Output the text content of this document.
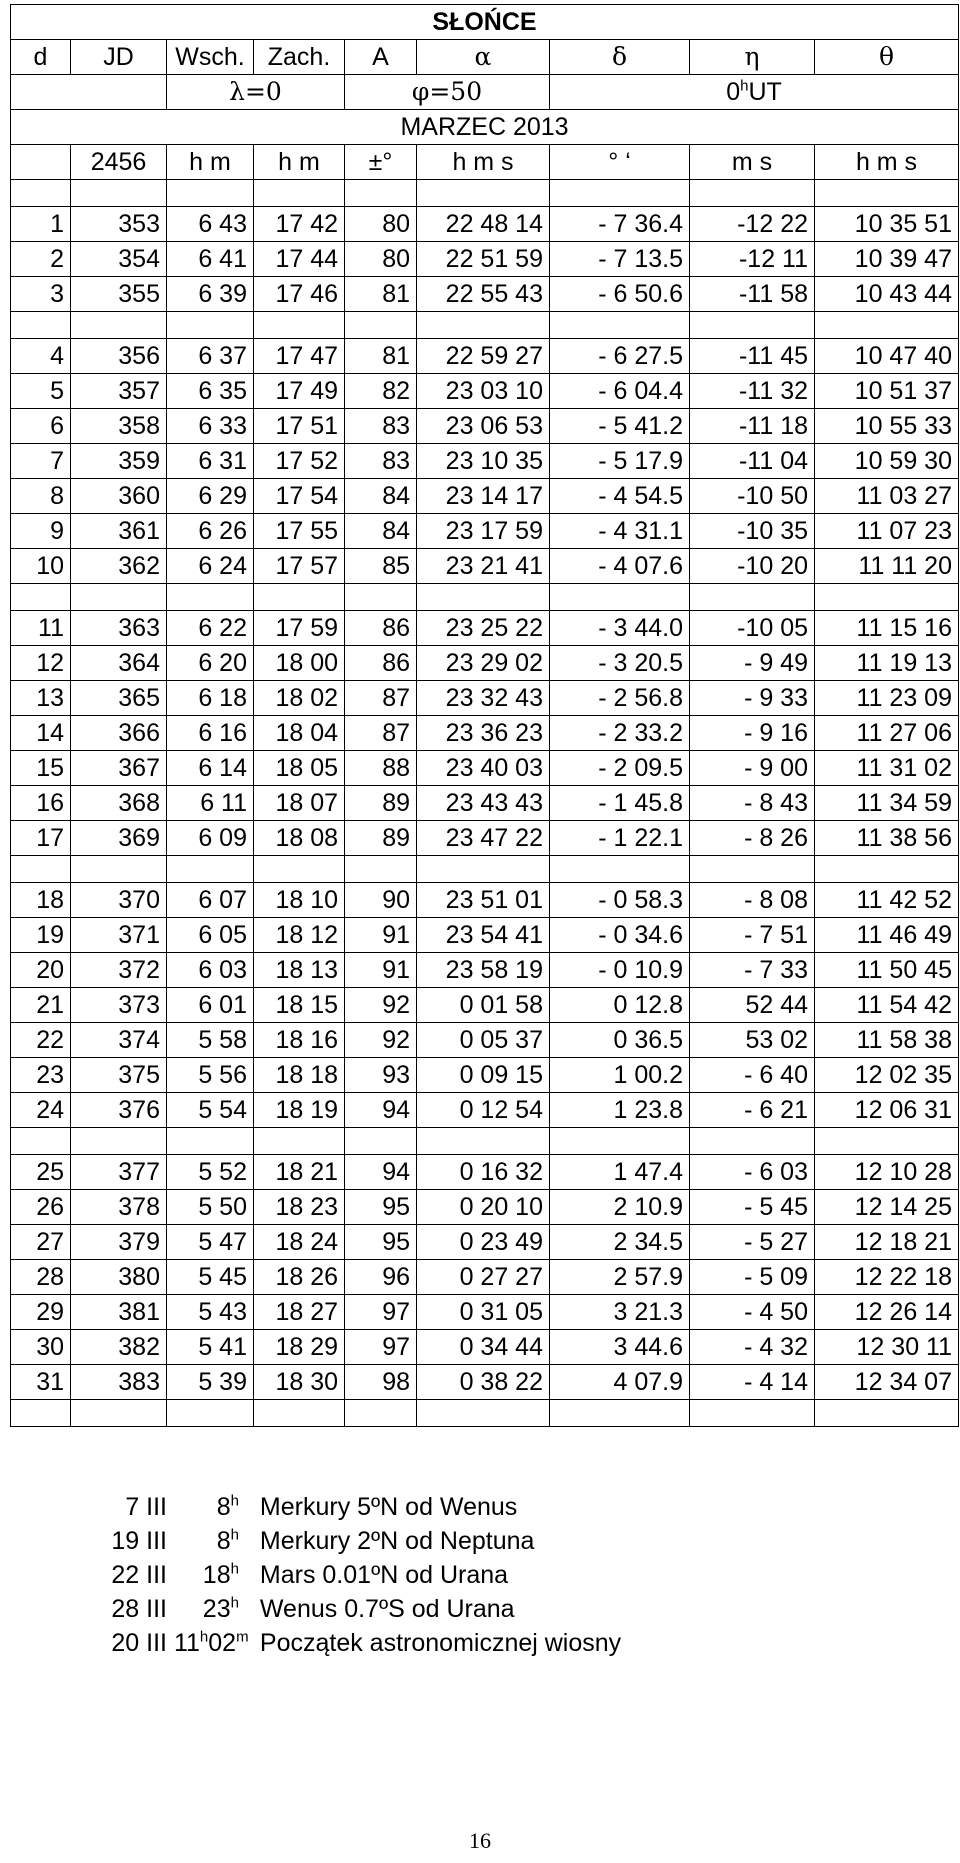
SŁOŃCE								
d	JD	Wsch.	Zach.	A	α	δ	η	θ
		λ=0		φ=50		0$^h$UT		
MARZEC 2013								
	2456	h m	h m	±°	h m s	° ‘	m s	h m s

1	353	6 43	17 42	80	22 48 14	- 7 36.4	-12 22	10 35 51
2	354	6 41	17 44	80	22 51 59	- 7 13.5	-12 11	10 39 47
3	355	6 39	17 46	81	22 55 43	- 6 50.6	-11 58	10 43 44

4	356	6 37	17 47	81	22 59 27	- 6 27.5	-11 45	10 47 40
5	357	6 35	17 49	82	23 03 10	- 6 04.4	-11 32	10 51 37
6	358	6 33	17 51	83	23 06 53	- 5 41.2	-11 18	10 55 33
7	359	6 31	17 52	83	23 10 35	- 5 17.9	-11 04	10 59 30
8	360	6 29	17 54	84	23 14 17	- 4 54.5	-10 50	11 03 27
9	361	6 26	17 55	84	23 17 59	- 4 31.1	-10 35	11 07 23
10	362	6 24	17 57	85	23 21 41	- 4 07.6	-10 20	11 11 20

11	363	6 22	17 59	86	23 25 22	- 3 44.0	-10 05	11 15 16
12	364	6 20	18 00	86	23 29 02	- 3 20.5	- 9 49	11 19 13
13	365	6 18	18 02	87	23 32 43	- 2 56.8	- 9 33	11 23 09
14	366	6 16	18 04	87	23 36 23	- 2 33.2	- 9 16	11 27 06
15	367	6 14	18 05	88	23 40 03	- 2 09.5	- 9 00	11 31 02
16	368	6 11	18 07	89	23 43 43	- 1 45.8	- 8 43	11 34 59
17	369	6 09	18 08	89	23 47 22	- 1 22.1	- 8 26	11 38 56

18	370	6 07	18 10	90	23 51 01	- 0 58.3	- 8 08	11 42 52
19	371	6 05	18 12	91	23 54 41	- 0 34.6	- 7 51	11 46 49
20	372	6 03	18 13	91	23 58 19	- 0 10.9	- 7 33	11 50 45
21	373	6 01	18 15	92	0 01 58	0 12.8	52 44	11 54 42
22	374	5 58	18 16	92	0 05 37	0 36.5	53 02	11 58 38
23	375	5 56	18 18	93	0 09 15	1 00.2	- 6 40	12 02 35
24	376	5 54	18 19	94	0 12 54	1 23.8	- 6 21	12 06 31

25	377	5 52	18 21	94	0 16 32	1 47.4	- 6 03	12 10 28
26	378	5 50	18 23	95	0 20 10	2 10.9	- 5 45	12 14 25
27	379	5 47	18 24	95	0 23 49	2 34.5	- 5 27	12 18 21
28	380	5 45	18 26	96	0 27 27	2 57.9	- 5 09	12 22 18
29	381	5 43	18 27	97	0 31 05	3 21.3	- 4 50	12 26 14
30	382	5 41	18 29	97	0 34 44	3 44.6	- 4 32	12 30 11
31	383	5 39	18 30	98	0 38 22	4 07.9	- 4 14	12 34 07

7 III 8$^h$ Merkury 5ºN od Wenus
19 III 8$^h$ Merkury 2ºN od Neptuna
22 III 18$^h$ Mars 0.01ºN od Urana
28 III 23$^h$ Wenus 0.7ºS od Urana
20 III 11$^h$02$^m$ Początek astronomicznej wiosny
16
